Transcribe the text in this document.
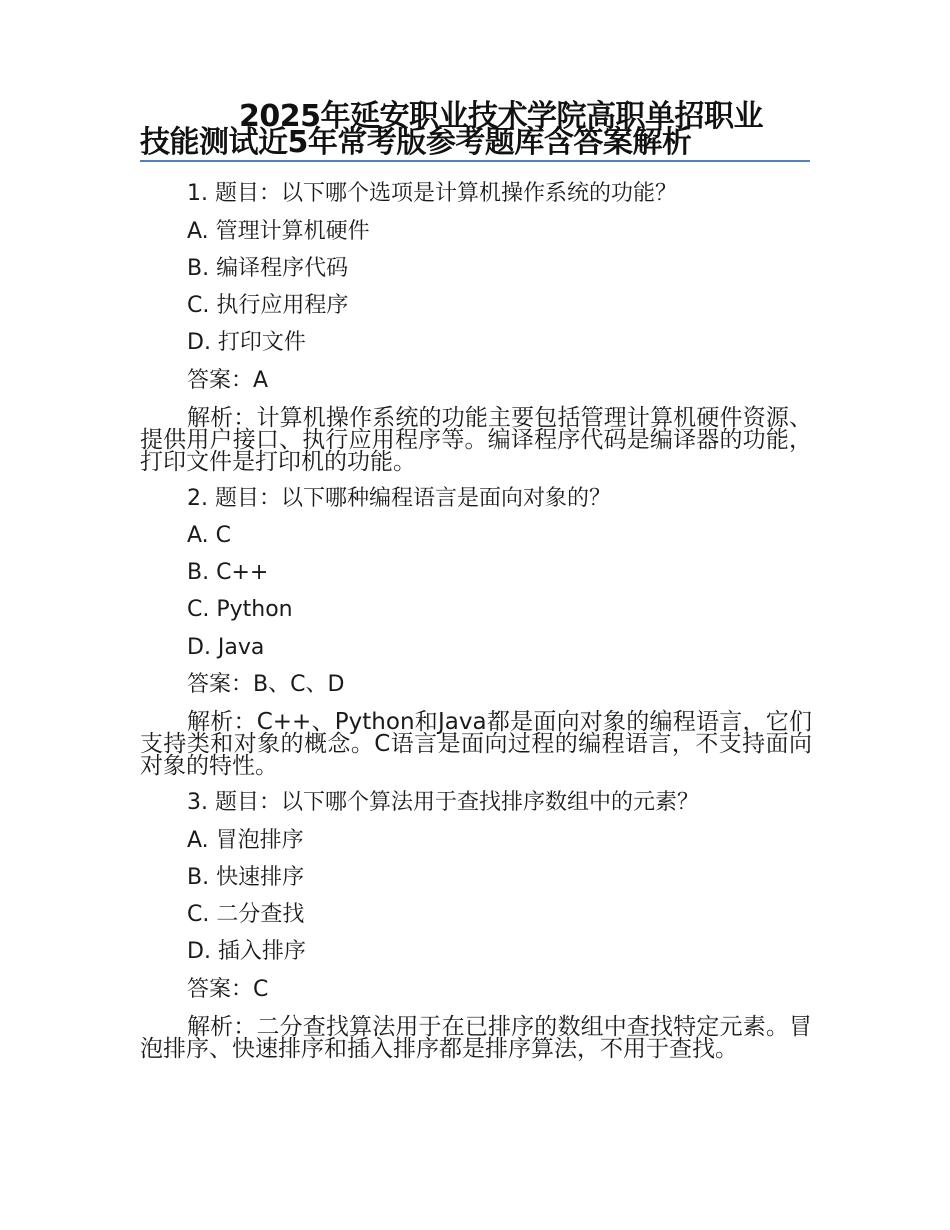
2025年延安职业技术学院高职单招职业
技能测试近5年常考版参考题库含答案解析
1. 题目：以下哪个选项是计算机操作系统的功能？
A. 管理计算机硬件
B. 编译程序代码
C. 执行应用程序
D. 打印文件
答案：A
解析：计算机操作系统的功能主要包括管理计算机硬件资源、提供用户接口、执行应用程序等。编译程序代码是编译器的功能，打印文件是打印机的功能。
2. 题目：以下哪种编程语言是面向对象的？
A. C
B. C++
C. Python
D. Java
答案：B、C、D
解析：C++、Python和Java都是面向对象的编程语言，它们支持类和对象的概念。C语言是面向过程的编程语言，不支持面向对象的特性。
3. 题目：以下哪个算法用于查找排序数组中的元素？
A. 冒泡排序
B. 快速排序
C. 二分查找
D. 插入排序
答案：C
解析：二分查找算法用于在已排序的数组中查找特定元素。冒泡排序、快速排序和插入排序都是排序算法，不用于查找。
